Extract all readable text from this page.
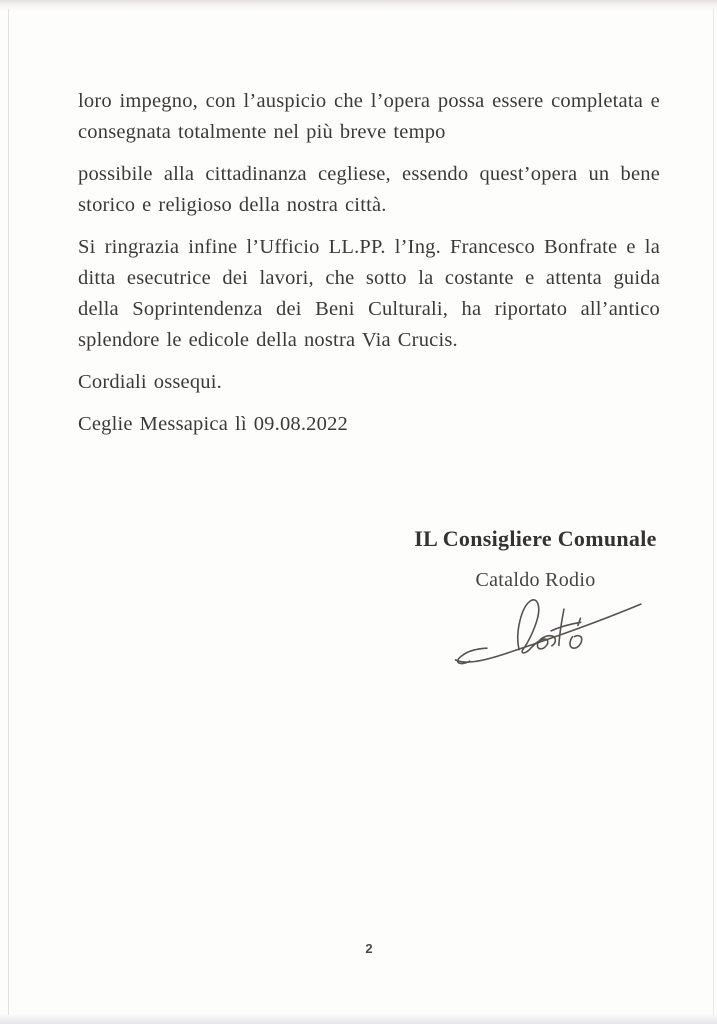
loro impegno, con l’auspicio che l’opera possa essere completata e consegnata totalmente nel più breve tempo

possibile alla cittadinanza cegliese, essendo quest’opera un bene storico e religioso della nostra città.

Si ringrazia infine l’Ufficio LL.PP. l’Ing. Francesco Bonfrate e la ditta esecutrice dei lavori, che sotto la costante e attenta guida della Soprintendenza dei Beni Culturali, ha riportato all’antico splendore le edicole della nostra Via Crucis.

Cordiali ossequi.

Ceglie Messapica lì 09.08.2022

IL Consigliere Comunale
Cataldo Rodio
2
